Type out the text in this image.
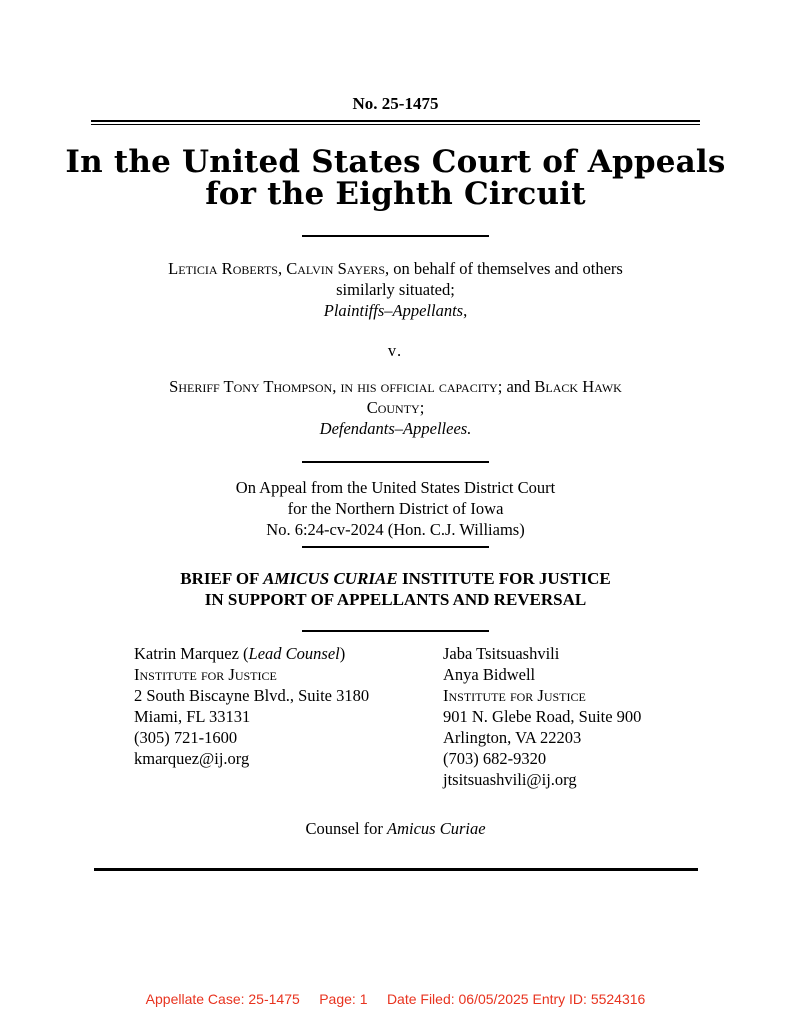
No. 25-1475
In the United States Court of Appeals
for the Eighth Circuit
Leticia Roberts, Calvin Sayers, on behalf of themselves and others
similarly situated;
Plaintiffs–Appellants,
v.
Sheriff Tony Thompson, in his official capacity; and Black Hawk
County;
Defendants–Appellees.
On Appeal from the United States District Court
for the Northern District of Iowa
No. 6:24-cv-2024 (Hon. C.J. Williams)
BRIEF OF AMICUS CURIAE INSTITUTE FOR JUSTICE
IN SUPPORT OF APPELLANTS AND REVERSAL
Katrin Marquez (Lead Counsel)
Institute for Justice
2 South Biscayne Blvd., Suite 3180
Miami, FL 33131
(305) 721-1600
kmarquez@ij.org
Jaba Tsitsuashvili
Anya Bidwell
Institute for Justice
901 N. Glebe Road, Suite 900
Arlington, VA 22203
(703) 682-9320
jtsitsuashvili@ij.org
Counsel for Amicus Curiae
Appellate Case: 25-1475 Page: 1 Date Filed: 06/05/2025 Entry ID: 5524316
